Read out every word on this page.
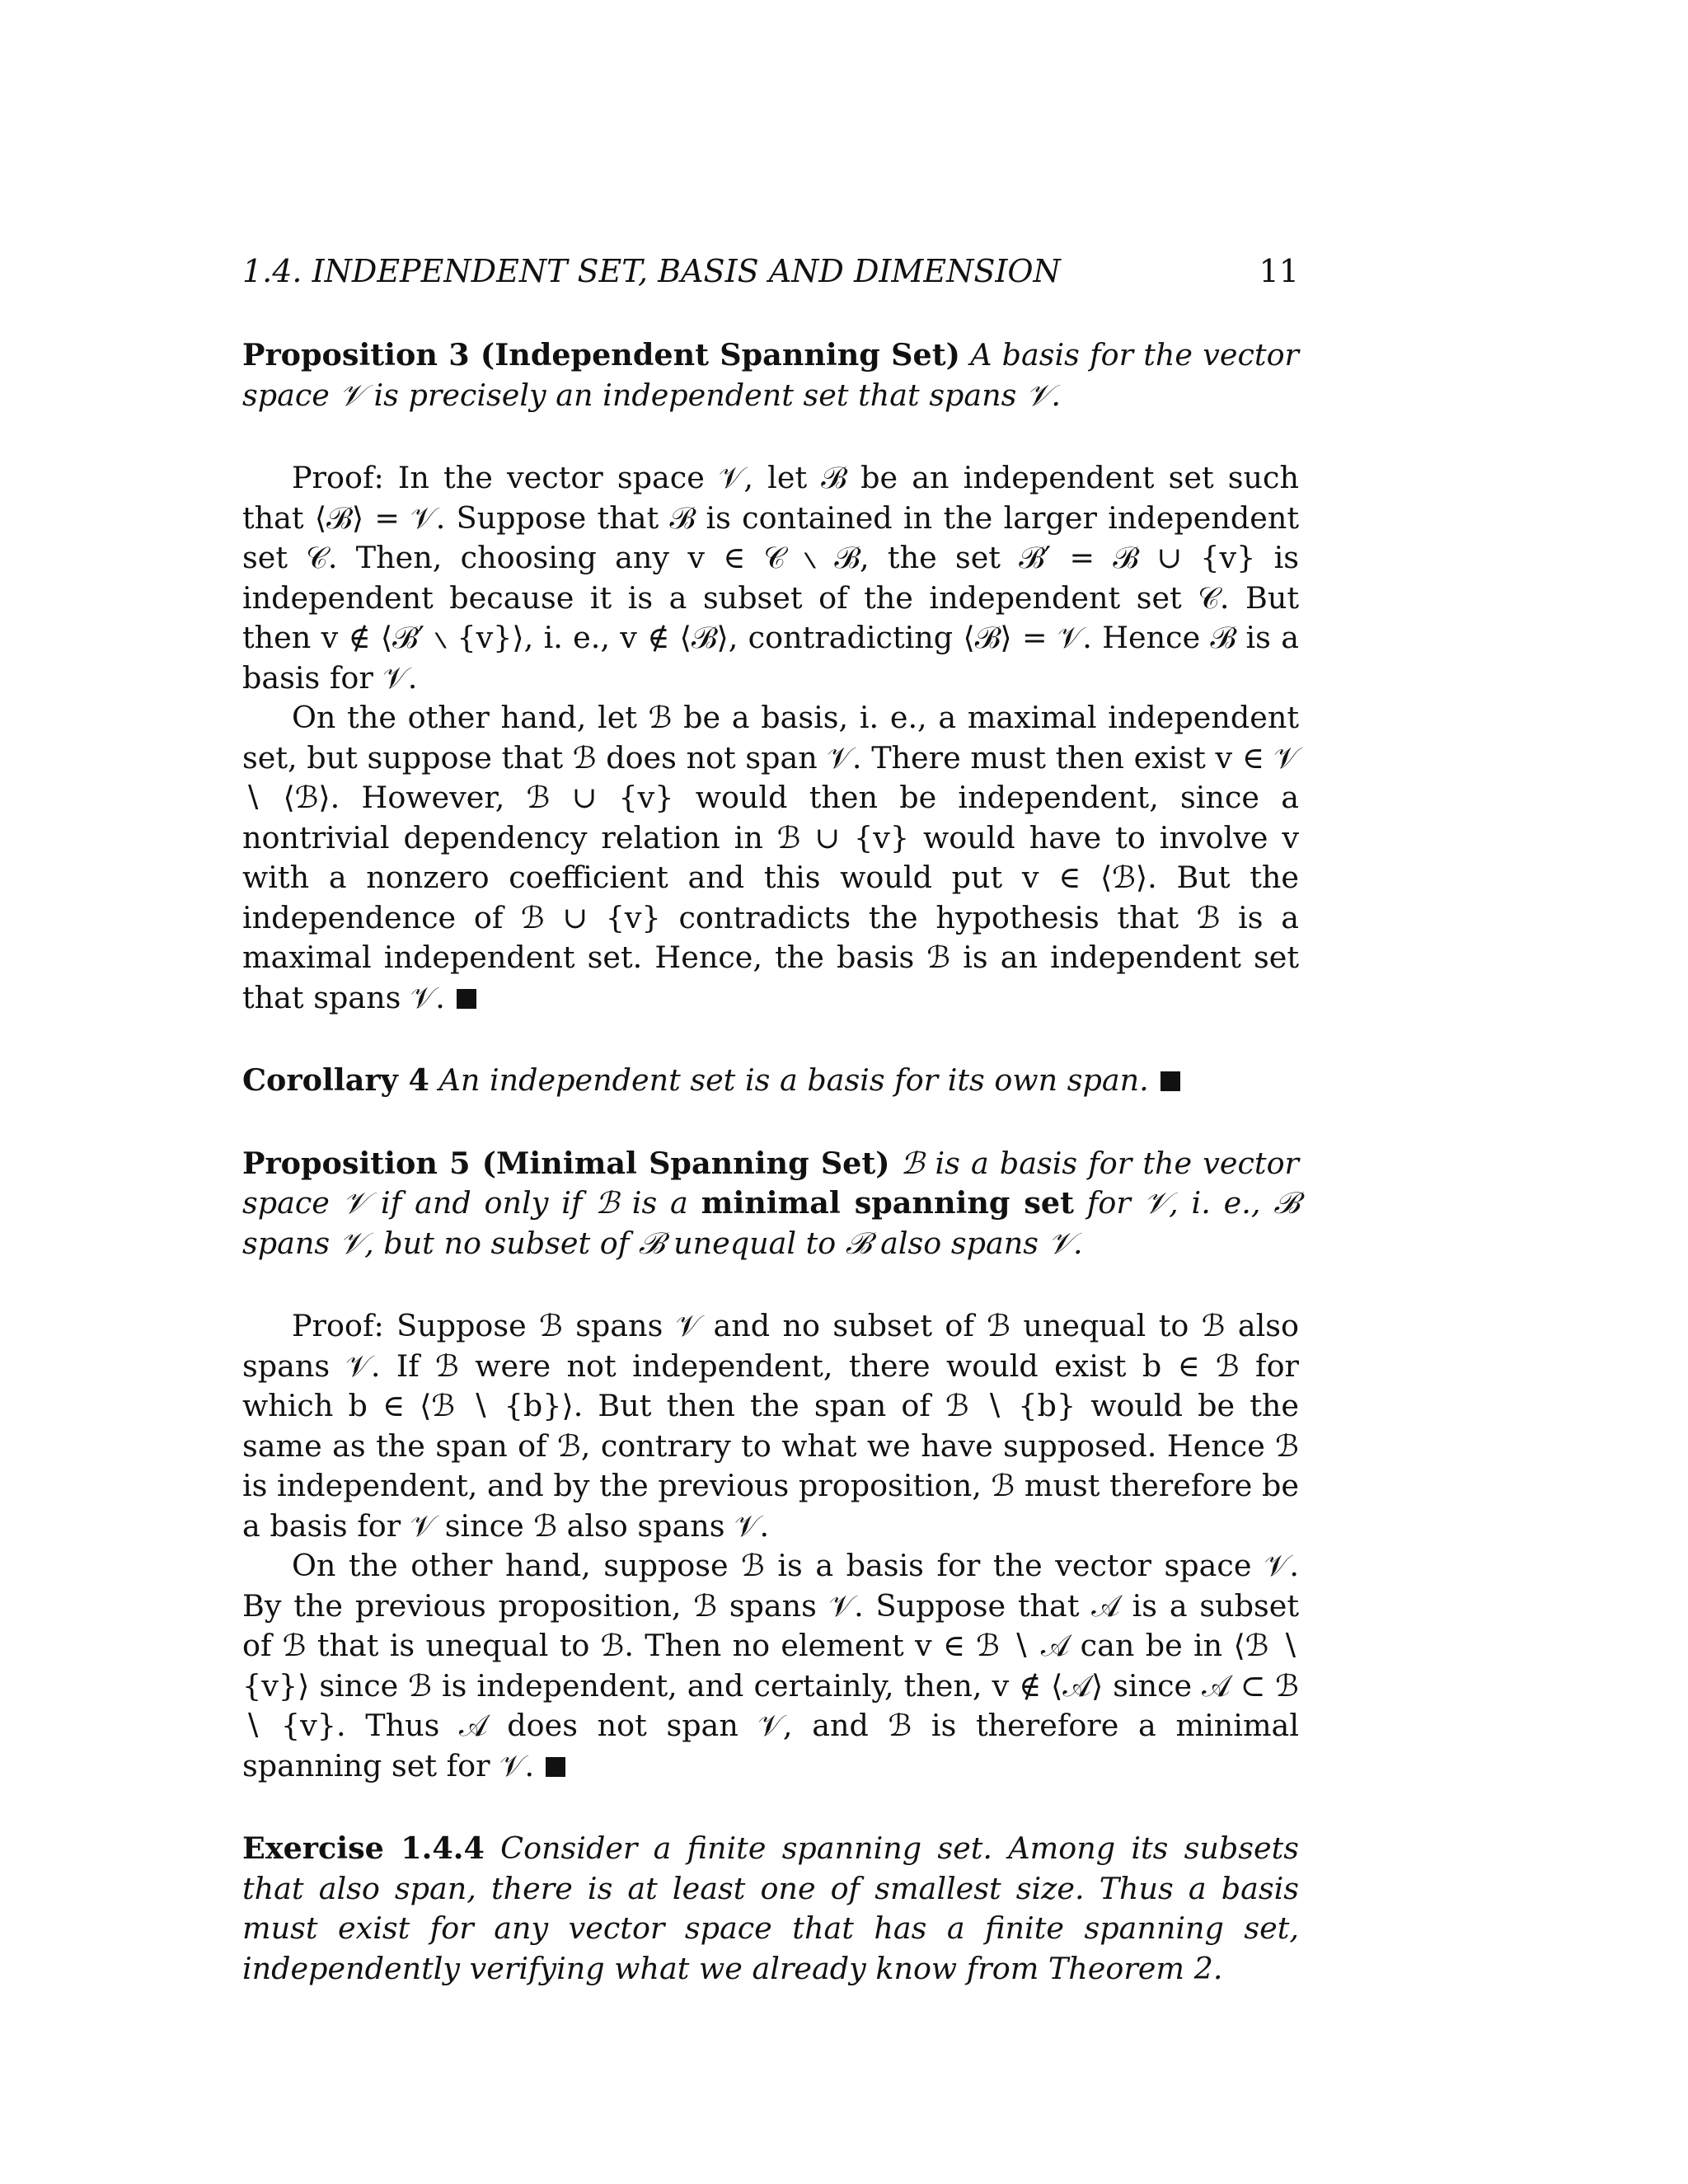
1.4. INDEPENDENT SET, BASIS AND DIMENSION	11
Proposition 3 (Independent Spanning Set) A basis for the vector space 𝒱 is precisely an independent set that spans 𝒱.

Proof: In the vector space 𝒱, let ℬ be an independent set such that ⟨ℬ⟩ = 𝒱. Suppose that ℬ is contained in the larger independent set 𝒞. Then, choosing any v ∈ 𝒞 ∖ ℬ, the set ℬ′ = ℬ ∪ {v} is independent because it is a subset of the independent set 𝒞. But then v ∉ ⟨ℬ′ ∖ {v}⟩, i. e., v ∉ ⟨ℬ⟩, contradicting ⟨ℬ⟩ = 𝒱. Hence ℬ is a basis for 𝒱.

On the other hand, let ℬ be a basis, i. e., a maximal independent set, but suppose that ℬ does not span 𝒱. There must then exist v ∈ 𝒱 ∖ ⟨ℬ⟩. However, ℬ ∪ {v} would then be independent, since a nontrivial dependency relation in ℬ ∪ {v} would have to involve v with a nonzero coefficient and this would put v ∈ ⟨ℬ⟩. But the independence of ℬ ∪ {v} contradicts the hypothesis that ℬ is a maximal independent set. Hence, the basis ℬ is an independent set that spans 𝒱.

Corollary 4 An independent set is a basis for its own span.
Proposition 5 (Minimal Spanning Set) ℬ is a basis for the vector space 𝒱 if and only if ℬ is a minimal spanning set for 𝒱, i. e., ℬ spans 𝒱, but no subset of ℬ unequal to ℬ also spans 𝒱.

Proof: Suppose ℬ spans 𝒱 and no subset of ℬ unequal to ℬ also spans 𝒱. If ℬ were not independent, there would exist b ∈ ℬ for which b ∈ ⟨ℬ ∖ {b}⟩. But then the span of ℬ ∖ {b} would be the same as the span of ℬ, contrary to what we have supposed. Hence ℬ is independent, and by the previous proposition, ℬ must therefore be a basis for 𝒱 since ℬ also spans 𝒱.

On the other hand, suppose ℬ is a basis for the vector space 𝒱. By the previous proposition, ℬ spans 𝒱. Suppose that 𝒜 is a subset of ℬ that is unequal to ℬ. Then no element v ∈ ℬ ∖ 𝒜 can be in ⟨ℬ ∖ {v}⟩ since ℬ is independent, and certainly, then, v ∉ ⟨𝒜⟩ since 𝒜 ⊂ ℬ ∖ {v}. Thus 𝒜 does not span 𝒱, and ℬ is therefore a minimal spanning set for 𝒱.

Exercise 1.4.4 Consider a finite spanning set. Among its subsets that also span, there is at least one of smallest size. Thus a basis must exist for any vector space that has a finite spanning set, independently verifying what we already know from Theorem 2.
